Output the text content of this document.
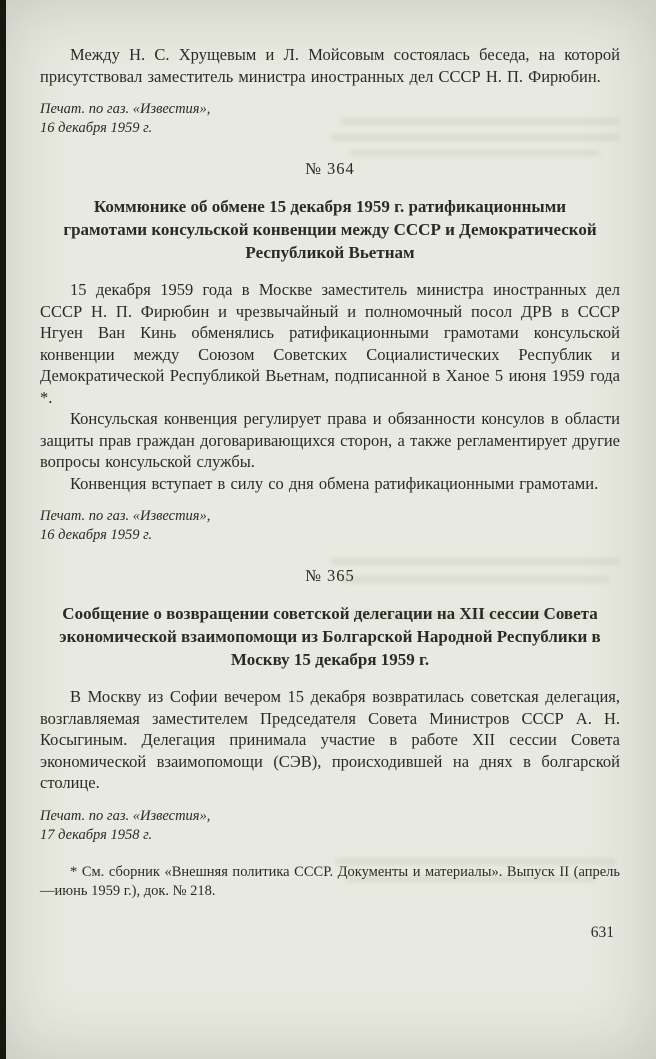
Между Н. С. Хрущевым и Л. Мойсовым состоялась беседа, на которой присутствовал заместитель министра иностранных дел СССР Н. П. Фирюбин.

Печат. по газ. «Известия»,
16 декабря 1959 г.
№ 364
Коммюнике об обмене 15 декабря 1959 г. ратификационными грамотами консульской конвенции между СССР и Демократической Республикой Вьетнам

15 декабря 1959 года в Москве заместитель министра иностранных дел СССР Н. П. Фирюбин и чрезвычайный и полномочный посол ДРВ в СССР Нгуен Ван Кинь обменялись ратификационными грамотами консульской конвенции между Союзом Советских Социалистических Республик и Демократической Республикой Вьетнам, подписанной в Ханое 5 июня 1959 года *.

Консульская конвенция регулирует права и обязанности консулов в области защиты прав граждан договаривающихся сторон, а также регламентирует другие вопросы консульской службы.

Конвенция вступает в силу со дня обмена ратификационными грамотами.

Печат. по газ. «Известия»,
16 декабря 1959 г.
№ 365
Сообщение о возвращении советской делегации на XII сессии Совета экономической взаимопомощи из Болгарской Народной Республики в Москву 15 декабря 1959 г.

В Москву из Софии вечером 15 декабря возвратилась советская делегация, возглавляемая заместителем Председателя Совета Министров СССР А. Н. Косыгиным. Делегация принимала участие в работе XII сессии Совета экономической взаимопомощи (СЭВ), происходившей на днях в болгарской столице.

Печат. по газ. «Известия»,
17 декабря 1958 г.
* См. сборник «Внешняя политика СССР. Документы и материалы». Выпуск II (апрель—июнь 1959 г.), док. № 218.
631
